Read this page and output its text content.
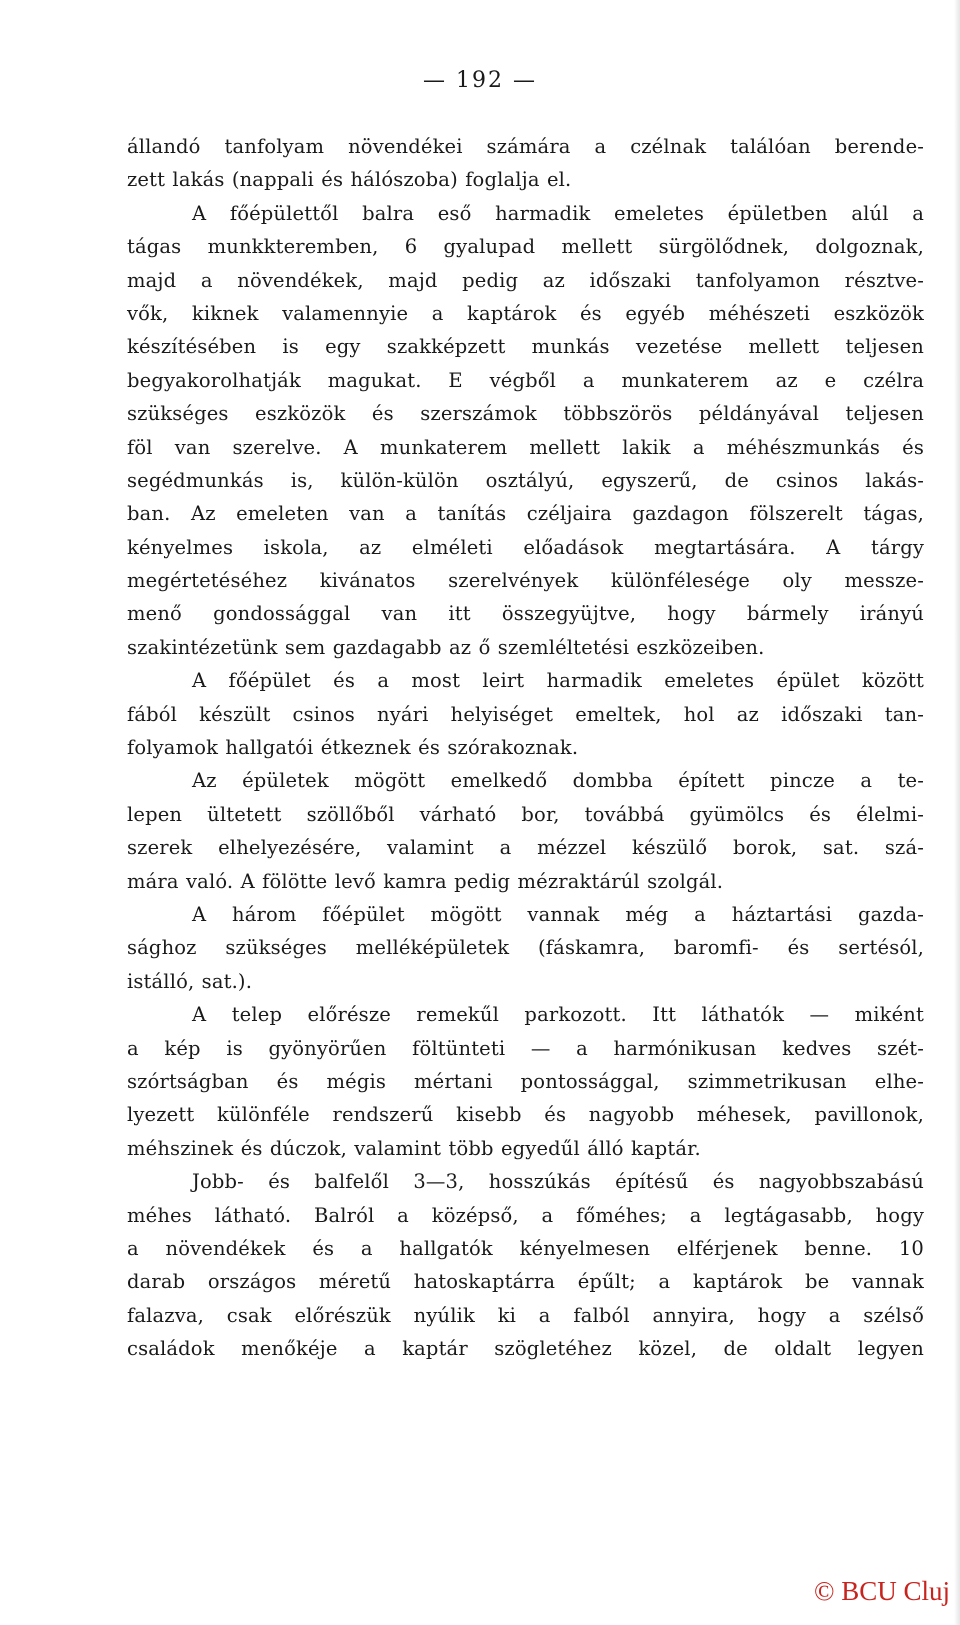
— 192 —
állandó tanfolyam növendékei számára a czélnak találóan berende-
zett lakás (nappali és hálószoba) foglalja el.
A főépülettől balra eső harmadik emeletes épületben alúl a
tágas munkkteremben, 6 gyalupad mellett sürgölődnek, dolgoznak,
majd a növendékek, majd pedig az időszaki tanfolyamon résztve-
vők, kiknek valamennyie a kaptárok és egyéb méhészeti eszközök
készítésében is egy szakképzett munkás vezetése mellett teljesen
begyakorolhatják magukat. E végből a munkaterem az e czélra
szükséges eszközök és szerszámok többszörös példányával teljesen
föl van szerelve. A munkaterem mellett lakik a méhészmunkás és
segédmunkás is, külön-külön osztályú, egyszerű, de csinos lakás-
ban. Az emeleten van a tanítás czéljaira gazdagon fölszerelt tágas,
kényelmes iskola, az elméleti előadások megtartására. A tárgy
megértetéséhez kivánatos szerelvények különfélesége oly messze-
menő gondossággal van itt összegyüjtve, hogy bármely irányú
szakintézetünk sem gazdagabb az ő szemléltetési eszközeiben.
A főépület és a most leirt harmadik emeletes épület között
fából készült csinos nyári helyiséget emeltek, hol az időszaki tan-
folyamok hallgatói étkeznek és szórakoznak.
Az épületek mögött emelkedő dombba épített pincze a te-
lepen ültetett szöllőből várható bor, továbbá gyümölcs és élelmi-
szerek elhelyezésére, valamint a mézzel készülő borok, sat. szá-
mára való. A fölötte levő kamra pedig mézraktárúl szolgál.
A három főépület mögött vannak még a háztartási gazda-
sághoz szükséges melléképületek (fáskamra, baromfi- és sertésól,
istálló, sat.).
A telep előrésze remekűl parkozott. Itt láthatók — miként
a kép is gyönyörűen föltünteti — a harmónikusan kedves szét-
szórtságban és mégis mértani pontossággal, szimmetrikusan elhe-
lyezett különféle rendszerű kisebb és nagyobb méhesek, pavillonok,
méhszinek és dúczok, valamint több egyedűl álló kaptár.
Jobb- és balfelől 3—3, hosszúkás építésű és nagyobbszabású
méhes látható. Balról a középső, a főméhes; a legtágasabb, hogy
a növendékek és a hallgatók kényelmesen elférjenek benne. 10
darab országos méretű hatoskaptárra épűlt; a kaptárok be vannak
falazva, csak előrészük nyúlik ki a falból annyira, hogy a szélső
családok menőkéje a kaptár szögletéhez közel, de oldalt legyen
© BCU Cluj
